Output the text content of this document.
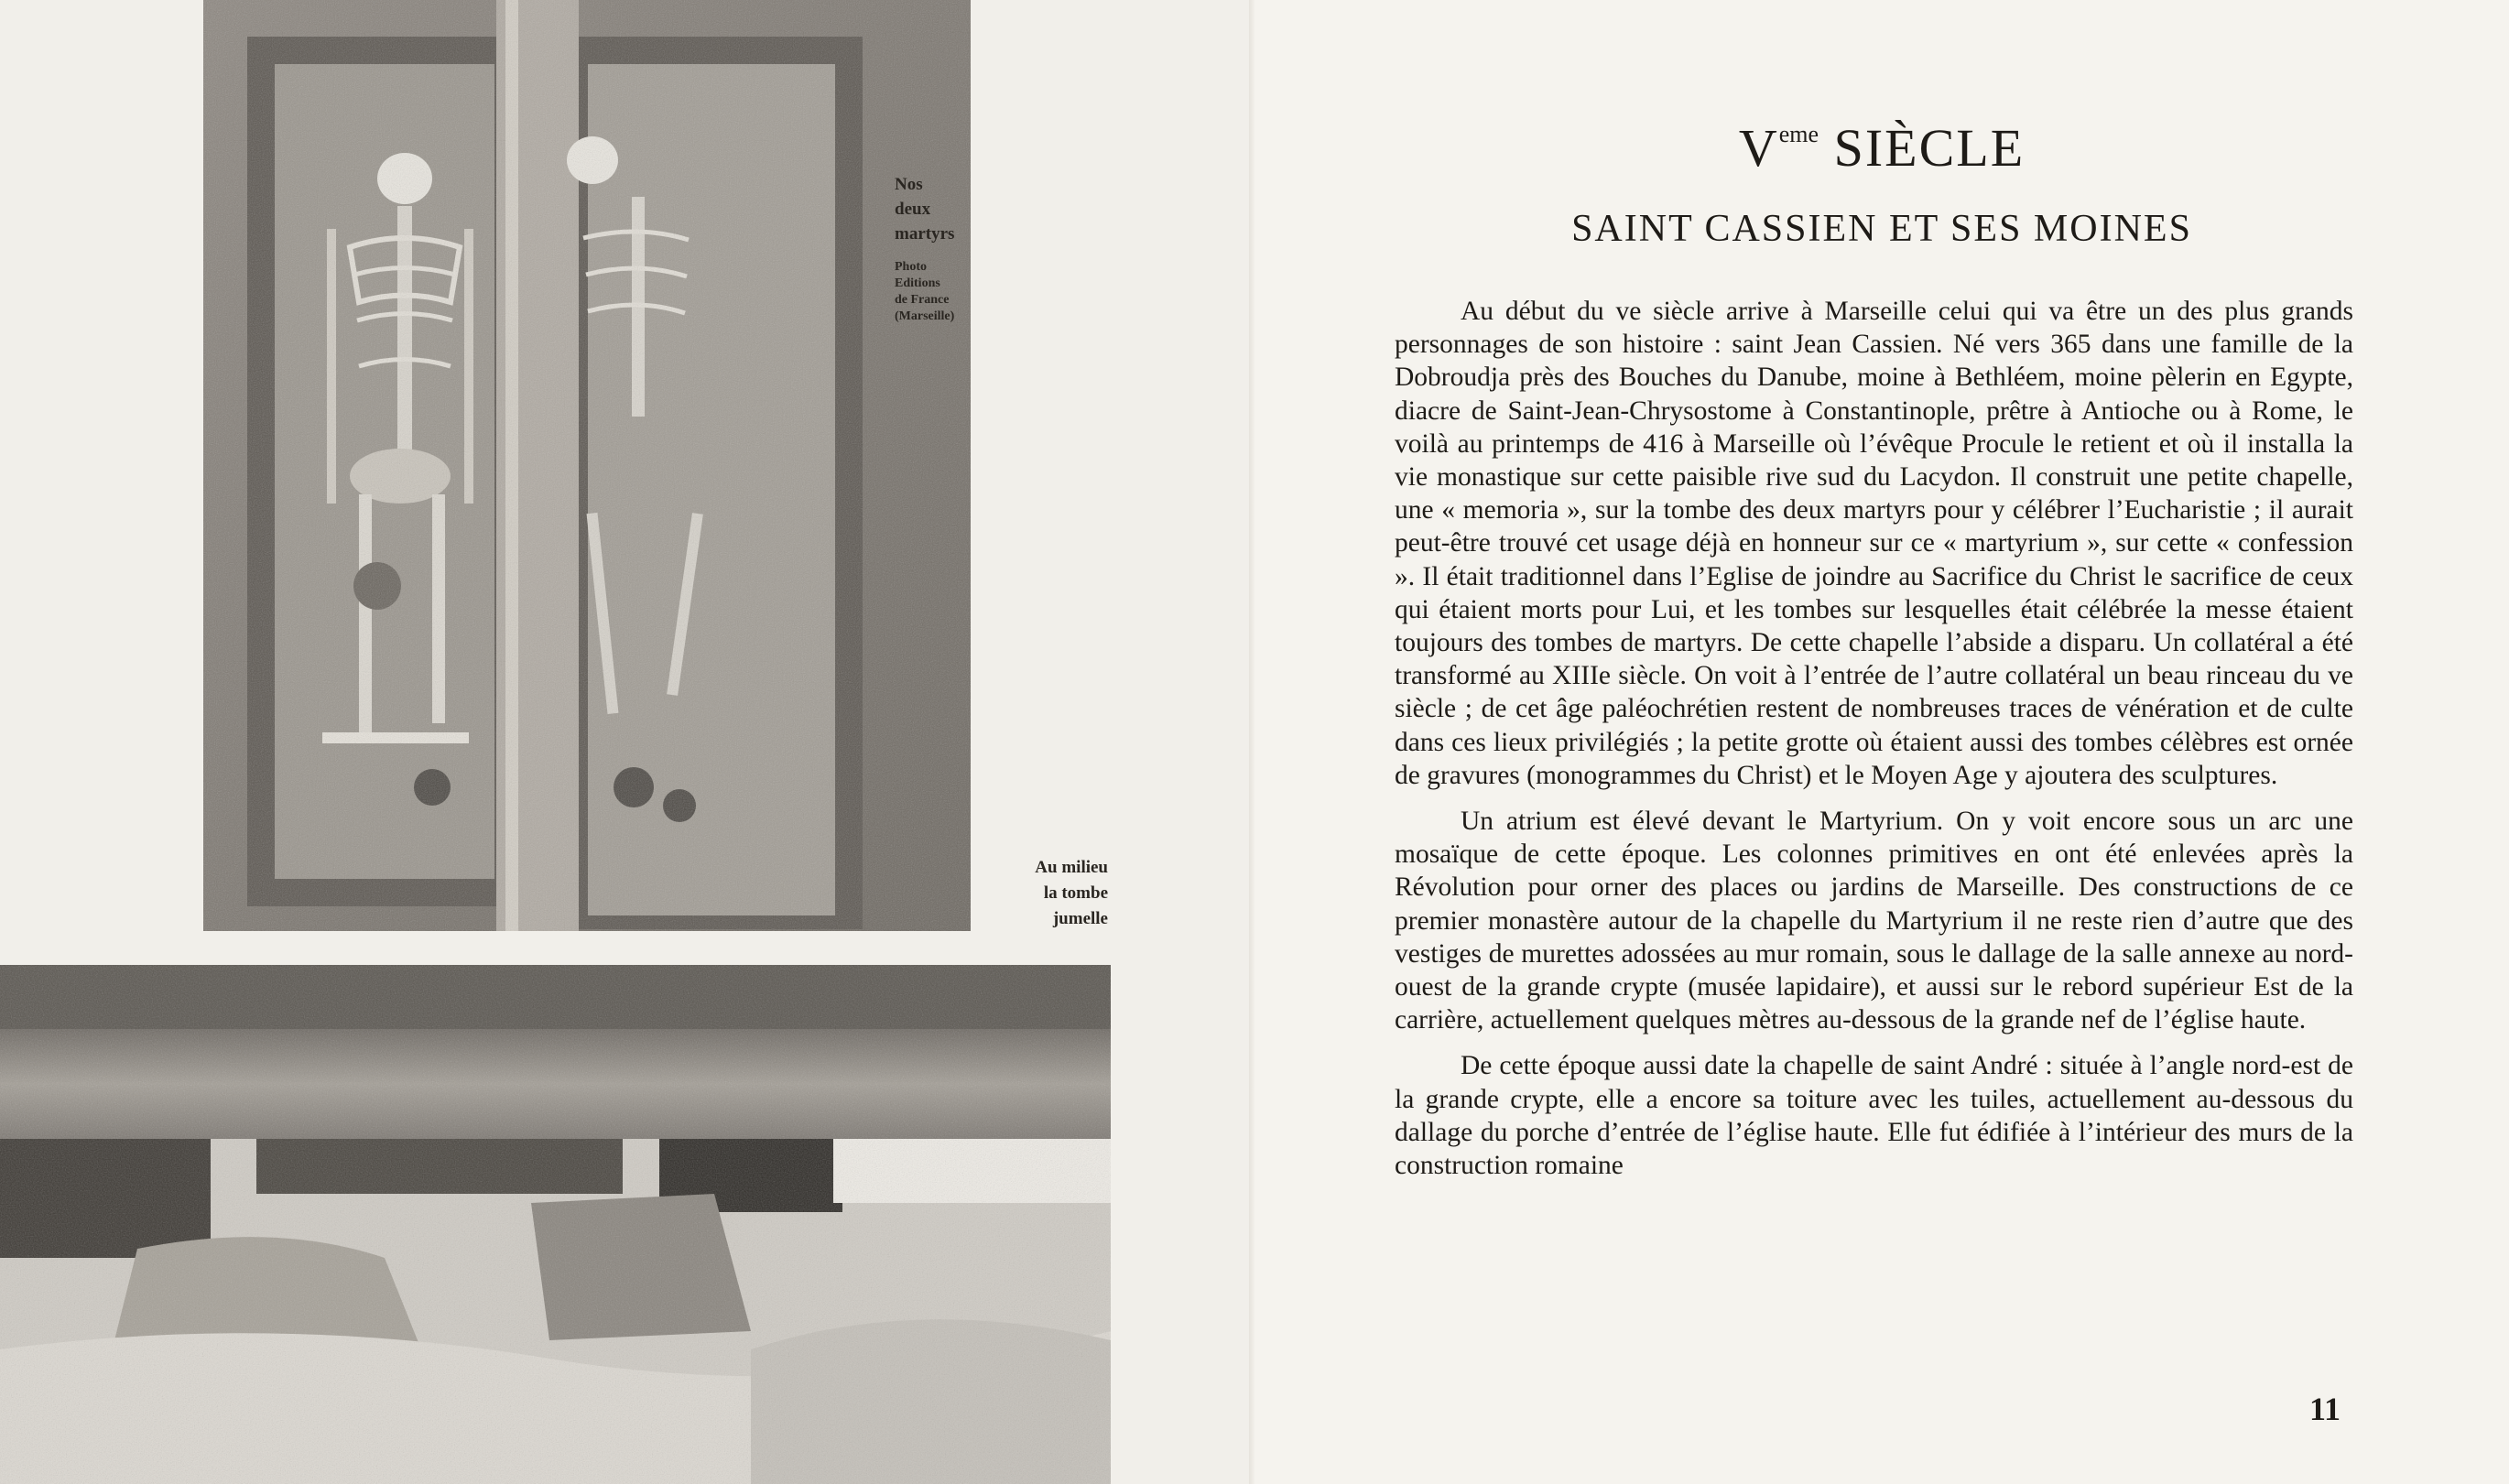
Nos
deux
martyrs
Photo
Editions
de France
(Marseille)
Au milieu
la tombe
jumelle
Veme SIÈCLE
SAINT CASSIEN ET SES MOINES

Au début du ve siècle arrive à Marseille celui qui va être un des plus grands personnages de son histoire : saint Jean Cassien. Né vers 365 dans une famille de la Dobroudja près des Bouches du Danube, moine à Bethléem, moine pèlerin en Egypte, diacre de Saint-Jean-Chrysostome à Constantinople, prêtre à Antioche ou à Rome, le voilà au printemps de 416 à Marseille où l’évêque Procule le retient et où il installa la vie monastique sur cette paisible rive sud du Lacydon. Il construit une petite chapelle, une « memoria », sur la tombe des deux martyrs pour y célébrer l’Eucharistie ; il aurait peut-être trouvé cet usage déjà en honneur sur ce « martyrium », sur cette « confession ». Il était traditionnel dans l’Eglise de joindre au Sacrifice du Christ le sacrifice de ceux qui étaient morts pour Lui, et les tombes sur lesquelles était célébrée la messe étaient toujours des tombes de martyrs. De cette chapelle l’abside a disparu. Un collatéral a été transformé au XIIIe siècle. On voit à l’entrée de l’autre collatéral un beau rinceau du ve siècle ; de cet âge paléochrétien restent de nombreuses traces de vénération et de culte dans ces lieux privilégiés ; la petite grotte où étaient aussi des tombes célèbres est ornée de gravures (monogrammes du Christ) et le Moyen Age y ajoutera des sculptures.

Un atrium est élevé devant le Martyrium. On y voit encore sous un arc une mosaïque de cette époque. Les colonnes primitives en ont été enlevées après la Révolution pour orner des places ou jardins de Marseille. Des constructions de ce premier monastère autour de la chapelle du Martyrium il ne reste rien d’autre que des vestiges de murettes adossées au mur romain, sous le dallage de la salle annexe au nord-ouest de la grande crypte (musée lapidaire), et aussi sur le rebord supérieur Est de la carrière, actuellement quelques mètres au-dessous de la grande nef de l’église haute.

De cette époque aussi date la chapelle de saint André : située à l’angle nord-est de la grande crypte, elle a encore sa toiture avec les tuiles, actuellement au-dessous du dallage du porche d’entrée de l’église haute. Elle fut édifiée à l’intérieur des murs de la construction romaine

11
